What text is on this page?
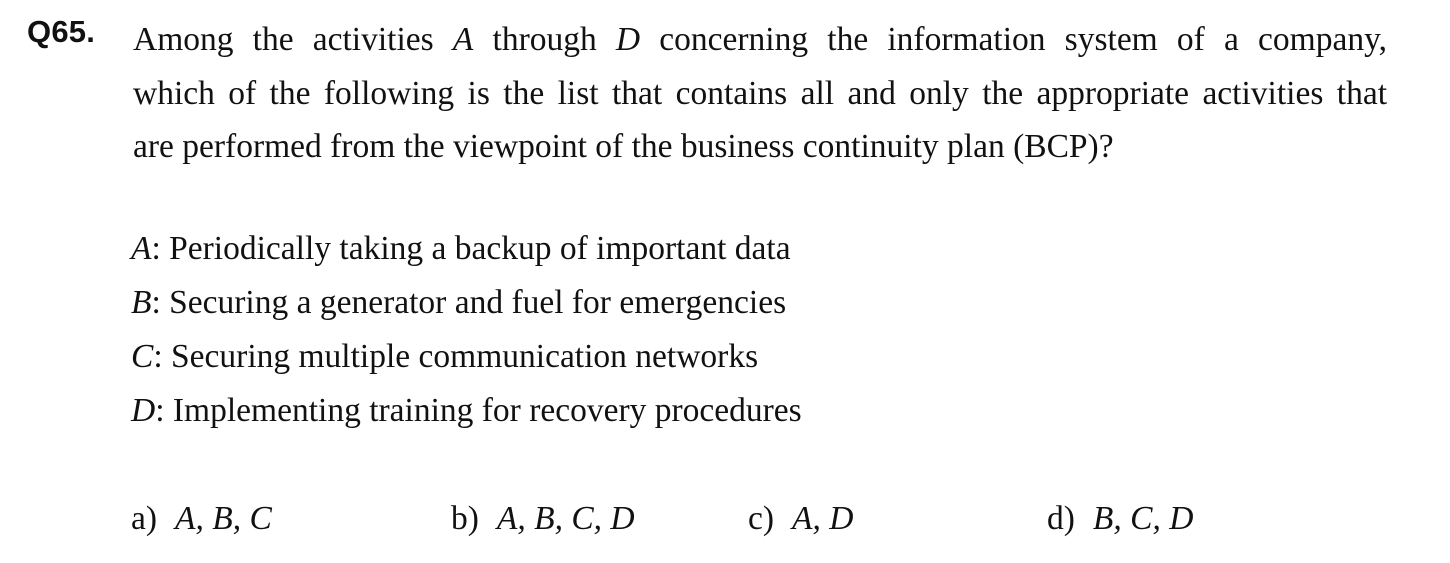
Q65. Among the activities A through D concerning the information system of a company,
which of the following is the list that contains all and only the appropriate activities that
are performed from the viewpoint of the business continuity plan (BCP)?
A: Periodically taking a backup of important data
B: Securing a generator and fuel for emergencies
C: Securing multiple communication networks
D: Implementing training for recovery procedures
a) A, B, C	b) A, B, C, D	c) A, D	d) B, C, D
